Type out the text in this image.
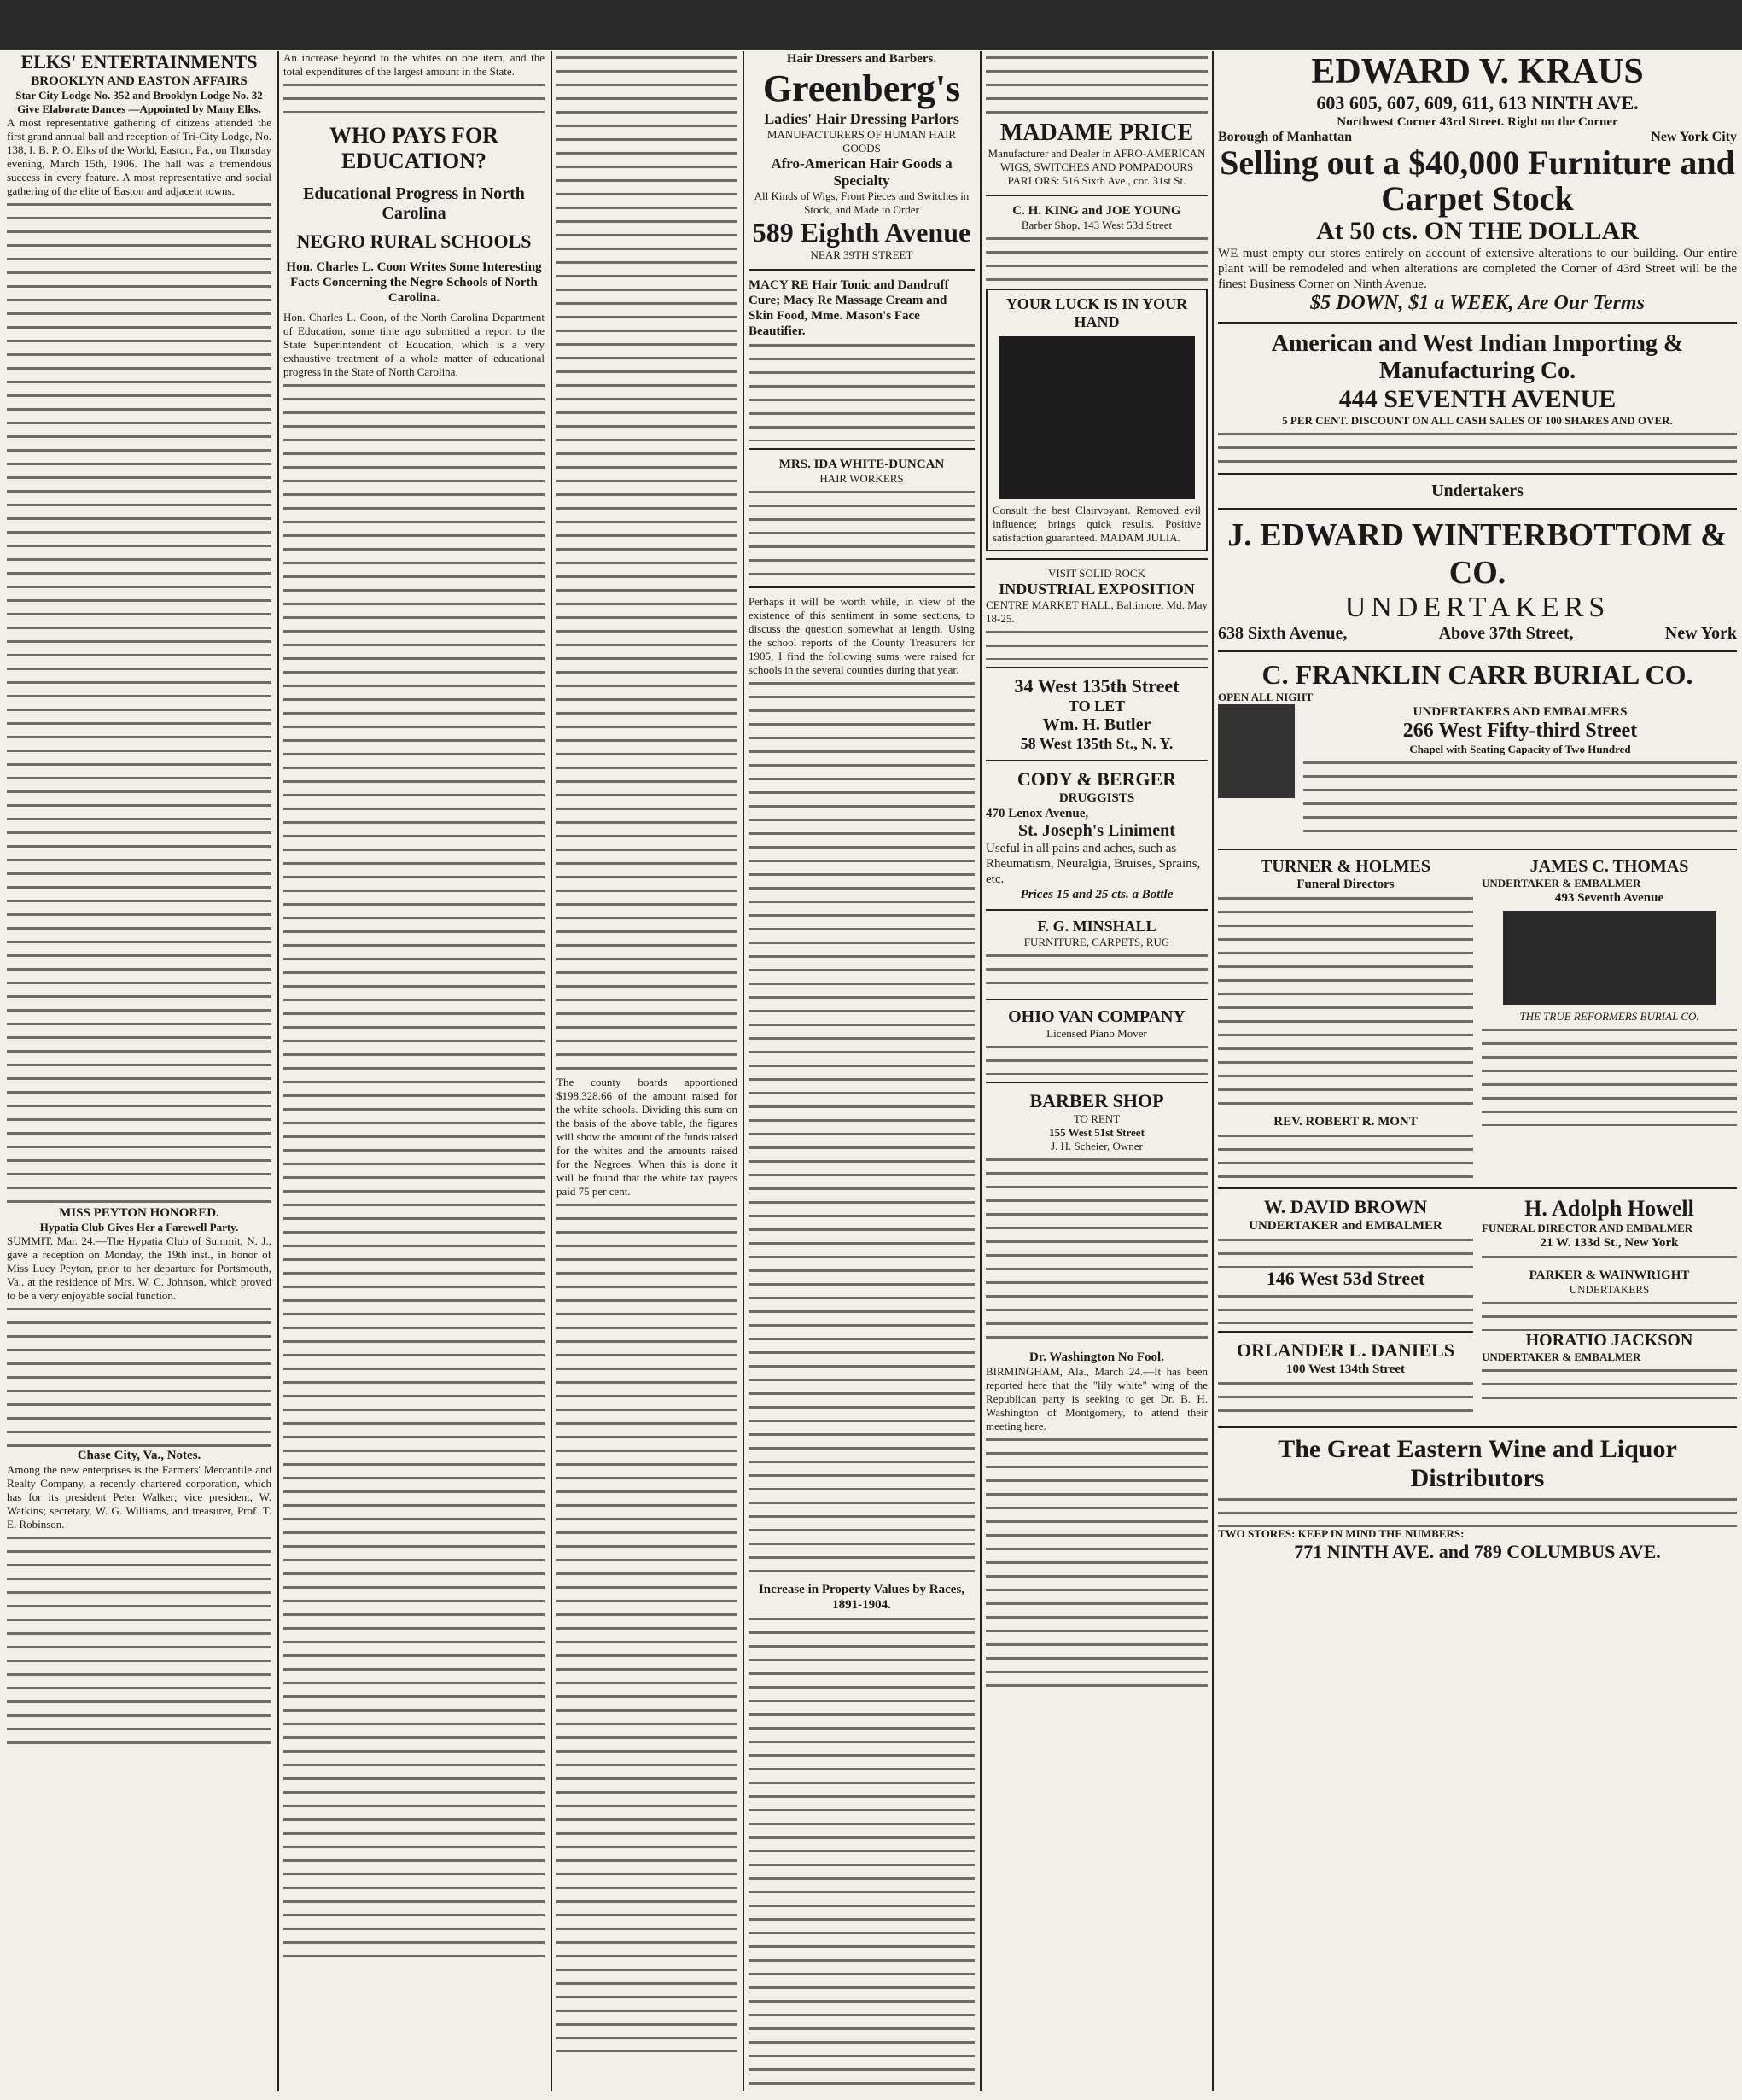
ELKS' ENTERTAINMENTS
BROOKLYN AND EASTON AFFAIRS
Star City Lodge No. 352 and Brooklyn Lodge No. 32 Give Elaborate Dances —Appointed by Many Elks.
A most representative gathering of citizens attended the first grand annual ball and reception of Tri-City Lodge, No. 138, I. B. P. O. Elks of the World, Easton, Pa., on Thursday evening, March 15th, 1906. The hall was a tremendous success in every feature. A most representative and social gathering of the elite of Easton and adjacent towns.
MISS PEYTON HONORED.
Hypatia Club Gives Her a Farewell Party.
SUMMIT, Mar. 24.—The Hypatia Club of Summit, N. J., gave a reception on Monday, the 19th inst., in honor of Miss Lucy Peyton, prior to her departure for Portsmouth, Va., at the residence of Mrs. W. C. Johnson, which proved to be a very enjoyable social function.
Chase City, Va., Notes.
Among the new enterprises is the Farmers' Mercantile and Realty Company, a recently chartered corporation, which has for its president Peter Walker; vice president, W. Watkins; secretary, W. G. Williams, and treasurer, Prof. T. E. Robinson.
An increase beyond to the whites on one item, and the total expenditures of the largest amount in the State.
WHO PAYS FOR EDUCATION?
Educational Progress in North Carolina
NEGRO RURAL SCHOOLS
Hon. Charles L. Coon Writes Some Interesting Facts Concerning the Negro Schools of North Carolina.
Hon. Charles L. Coon, of the North Carolina Department of Education, some time ago submitted a report to the State Superintendent of Education, which is a very exhaustive treatment of a whole matter of educational progress in the State of North Carolina.
The county boards apportioned $198,328.66 of the amount raised for the white schools. Dividing this sum on the basis of the above table, the figures will show the amount of the funds raised for the whites and the amounts raised for the Negroes. When this is done it will be found that the white tax payers paid 75 per cent.
Hair Dressers and Barbers.
Greenberg's
Ladies' Hair Dressing Parlors
MANUFACTURERS OF HUMAN HAIR GOODS
Afro-American Hair Goods a Specialty
All Kinds of Wigs, Front Pieces and Switches in Stock, and Made to Order
589 Eighth Avenue
NEAR 39TH STREET
MACY RE Hair Tonic and Dandruff Cure; Macy Re Massage Cream and Skin Food, Mme. Mason's Face Beautifier.
MRS. IDA WHITE-DUNCAN
HAIR WORKERS
Perhaps it will be worth while, in view of the existence of this sentiment in some sections, to discuss the question somewhat at length. Using the school reports of the County Treasurers for 1905, I find the following sums were raised for schools in the several counties during that year.
Increase in Property Values by Races, 1891-1904.
MADAME PRICE
Manufacturer and Dealer in AFRO-AMERICAN WIGS, SWITCHES AND POMPADOURS
PARLORS: 516 Sixth Ave., cor. 31st St.
C. H. KING and JOE YOUNG
Barber Shop, 143 West 53d Street
YOUR LUCK IS IN YOUR HAND
Consult the best Clairvoyant. Removed evil influence; brings quick results. Positive satisfaction guaranteed. MADAM JULIA.
VISIT SOLID ROCK
INDUSTRIAL EXPOSITION
CENTRE MARKET HALL, Baltimore, Md. May 18-25.
34 West 135th Street
TO LET
Wm. H. Butler
58 West 135th St., N. Y.
CODY & BERGER
DRUGGISTS
470 Lenox Avenue,
St. Joseph's Liniment
Useful in all pains and aches, such as Rheumatism, Neuralgia, Bruises, Sprains, etc.
Prices 15 and 25 cts. a Bottle
F. G. MINSHALL
FURNITURE, CARPETS, RUG
OHIO VAN COMPANY
Licensed Piano Mover
BARBER SHOP
TO RENT
155 West 51st Street
J. H. Scheier, Owner
Dr. Washington No Fool.
BIRMINGHAM, Ala., March 24.—It has been reported here that the "lily white" wing of the Republican party is seeking to get Dr. B. H. Washington of Montgomery, to attend their meeting here.
EDWARD V. KRAUS
603 605, 607, 609, 611, 613 NINTH AVE.
Northwest Corner 43rd Street. Right on the Corner
Borough of Manhattan	New York City
Selling out a $40,000 Furniture and Carpet Stock
At 50 cts. ON THE DOLLAR
WE must empty our stores entirely on account of extensive alterations to our building. Our entire plant will be remodeled and when alterations are completed the Corner of 43rd Street will be the finest Business Corner on Ninth Avenue.
$5 DOWN, $1 a WEEK, Are Our Terms
American and West Indian Importing & Manufacturing Co.
444 SEVENTH AVENUE
5 PER CENT. DISCOUNT ON ALL CASH SALES OF 100 SHARES AND OVER.
Undertakers
J. EDWARD WINTERBOTTOM & CO.
UNDERTAKERS
638 Sixth Avenue,	Above 37th Street,	New York
C. FRANKLIN CARR BURIAL CO.
OPEN ALL NIGHT
UNDERTAKERS AND EMBALMERS
266 West Fifty-third Street
Chapel with Seating Capacity of Two Hundred
TURNER & HOLMES
Funeral Directors
REV. ROBERT R. MONT
JAMES C. THOMAS
UNDERTAKER & EMBALMER
493 Seventh Avenue
THE TRUE REFORMERS BURIAL CO.
W. DAVID BROWN
UNDERTAKER and EMBALMER
146 West 53d Street
ORLANDER L. DANIELS
100 West 134th Street
H. Adolph Howell
FUNERAL DIRECTOR AND EMBALMER
21 W. 133d St., New York
PARKER & WAINWRIGHT
UNDERTAKERS
HORATIO JACKSON
UNDERTAKER & EMBALMER
The Great Eastern Wine and Liquor Distributors
TWO STORES: KEEP IN MIND THE NUMBERS:
771 NINTH AVE. and 789 COLUMBUS AVE.
